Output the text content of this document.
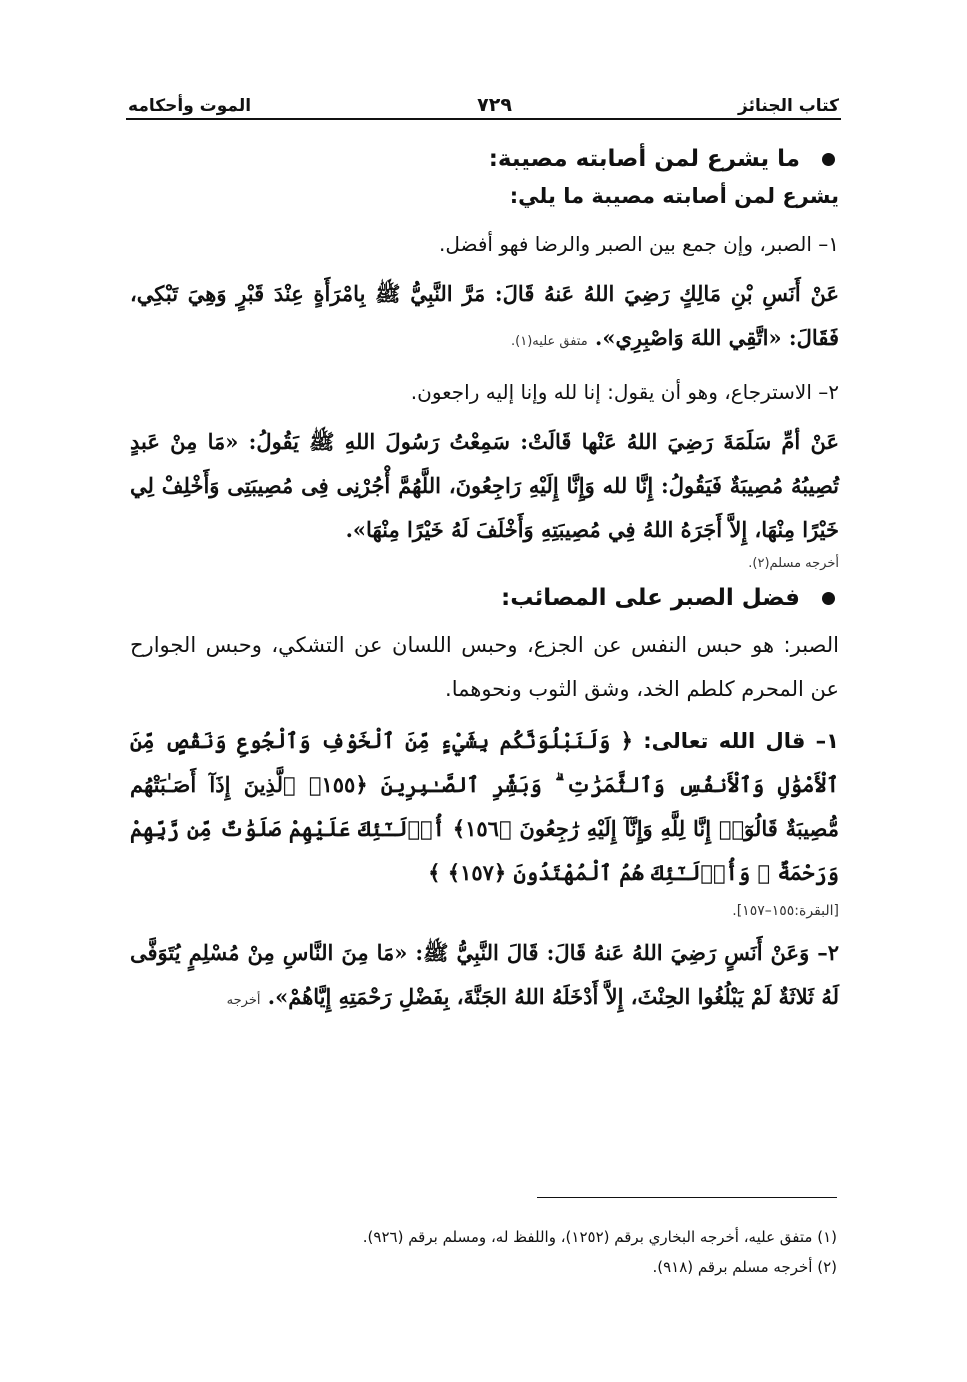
كتاب الجنائز
٧٢٩
الموت وأحكامه
ما يشرع لمن أصابته مصيبة:

يشرع لمن أصابته مصيبة ما يلي:

١– الصبر، وإن جمع بين الصبر والرضا فهو أفضل.

عَنْ أَنَسِ بْنِ مَالِكٍ رَضِيَ اللهُ عَنهُ قَالَ: مَرَّ النَّبِيُّ ﷺ بِامْرَأَةٍ عِنْدَ قَبْرٍ وَهِيَ تَبْكِي، فَقَالَ: «اتَّقِي اللهَ وَاصْبِرِي». متفق عليه(١).

٢– الاسترجاع، وهو أن يقول: إنا لله وإنا إليه راجعون.

عَنْ أمِّ سَلَمَةَ رَضِيَ اللهُ عَنْها قَالَتْ: سَمِعْتُ رَسُولَ اللهِ ﷺ يَقُولُ: «مَا مِنْ عَبدٍ تُصِيبُهُ مُصِيبَةٌ فَيَقُولُ: إِنَّا لله وَإِنَّا إِلَيْهِ رَاجِعُونَ، اللَّهُمَّ أْجُرْنِى فِى مُصِيبَتِى وَأَخْلِفْ لِي خَيْرًا مِنْهَا، إِلاَّ أَجَرَهُ اللهُ فِي مُصِيبَتِهِ وَأَخْلَفَ لَهُ خَيْرًا مِنْهَا».

أخرجه مسلم(٢).

فضل الصبر على المصائب:

الصبر: هو حبس النفس عن الجزع، وحبس اللسان عن التشكي، وحبس الجوارح عن المحرم كلطم الخد، وشق الثوب ونحوهما.

١– قال الله تعالى: ﴿ وَلَنَبْلُوَنَّكُم بِشَيْءٍ مِّنَ ٱلْخَوْفِ وَٱلْجُوعِ وَنَقْصٍ مِّنَ ٱلْأَمْوَٰلِ وَٱلْأَنفُسِ وَٱلثَّمَرَٰتِ ۗ وَبَشِّرِ ٱلصَّـٰبِرِينَ ﴿١٥٥﴾ ٱلَّذِينَ إِذَآ أَصَـٰبَتْهُم مُّصِيبَةٌ قَالُوٓا۟ إِنَّا لِلَّهِ وَإِنَّآ إِلَيْهِ رَٰجِعُونَ ﴿١٥٦﴾ أُو۟لَـٰٓئِكَ عَلَيْهِمْ صَلَوَٰتٌ مِّن رَّبِّهِمْ وَرَحْمَةٌ ۖ وَأُو۟لَـٰٓئِكَ هُمُ ٱلْمُهْتَدُونَ ﴿١٥٧﴾ ﴾

[البقرة:١٥٥–١٥٧].

٢– وَعَنْ أَنَسٍ رَضِيَ اللهُ عَنهُ قَالَ: قَالَ النَّبِيُّ ﷺ: «مَا مِنَ النَّاسِ مِنْ مُسْلِمٍ يُتَوَفَّى لَهُ ثَلاثَةٌ لَمْ يَبْلُغُوا الحِنْثَ، إِلاَّ أَدْخَلَهُ اللهُ الجَنَّةَ، بِفَضْلِ رَحْمَتِهِ إِيَّاهُمْ». أخرجه

(١) متفق عليه، أخرجه البخاري برقم (١٢٥٢)، واللفظ له، ومسلم برقم (٩٢٦).

(٢) أخرجه مسلم برقم (٩١٨).
